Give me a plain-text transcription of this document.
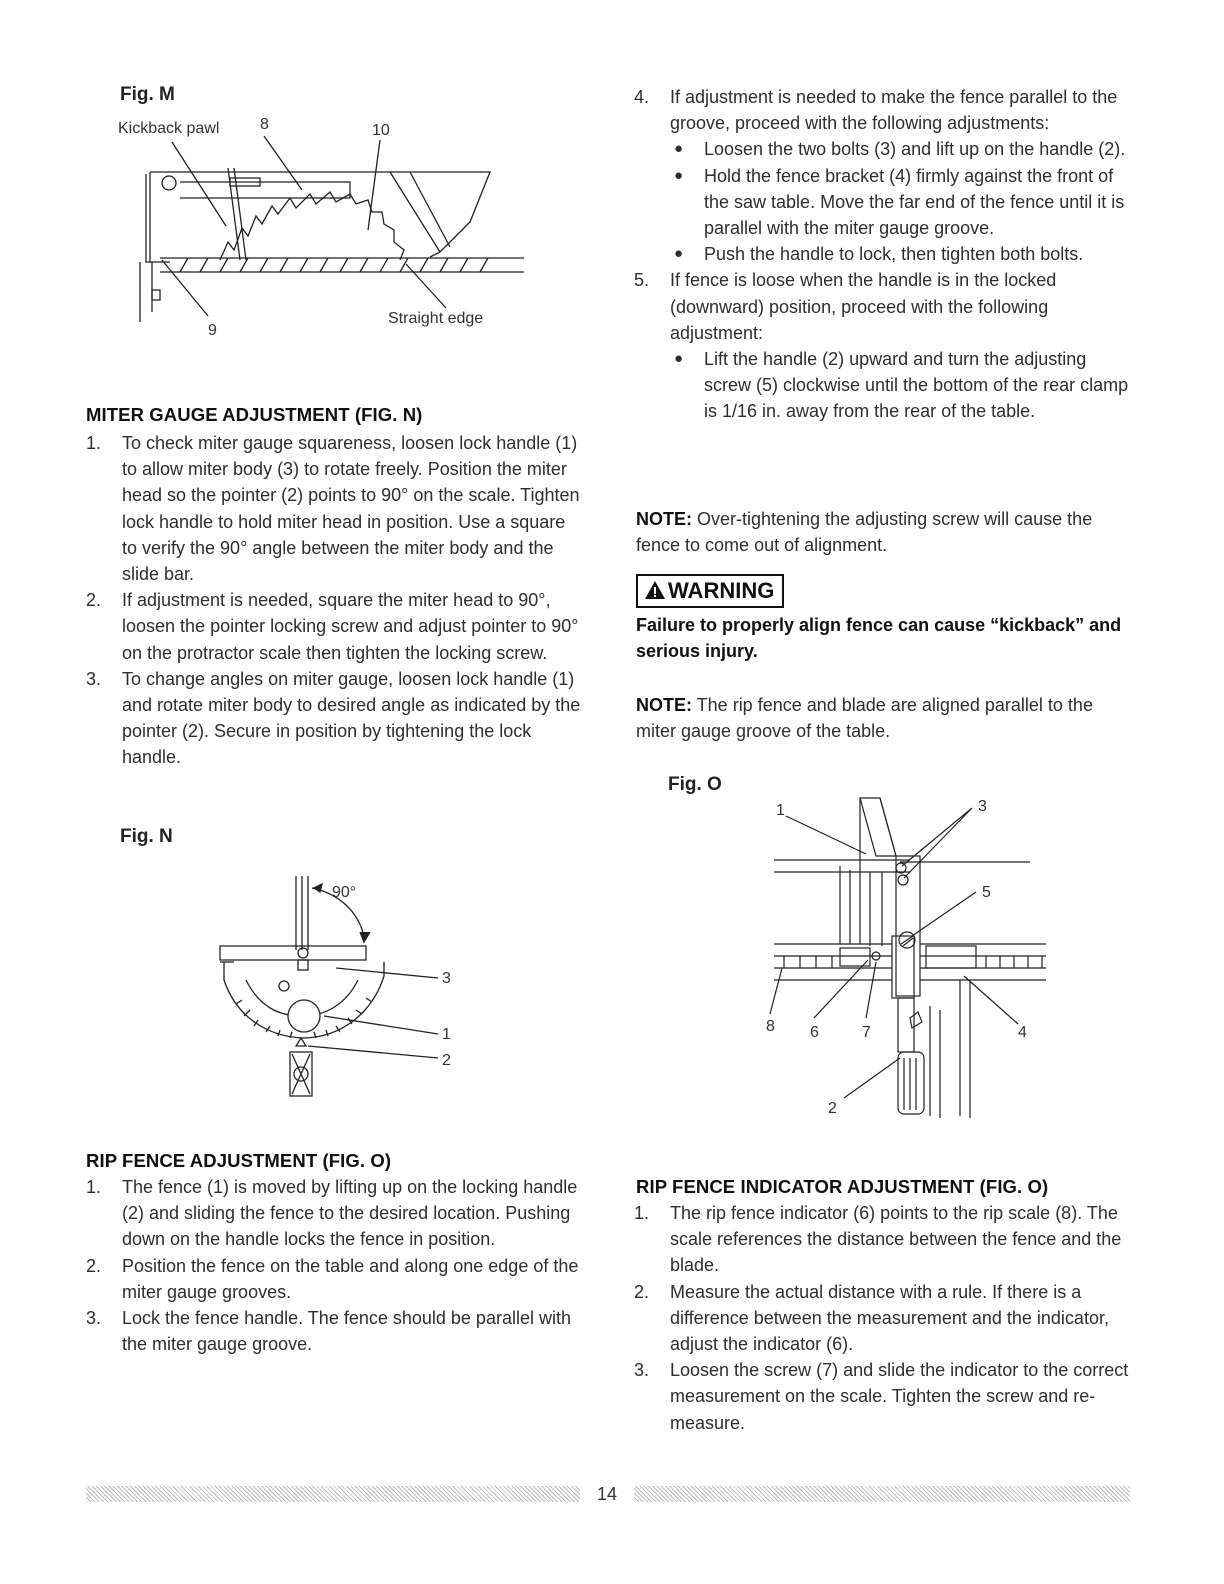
Fig. M
Kickback pawl	8	10
9
Straight edge
MITER GAUGE ADJUSTMENT (FIG. N)
1. To check miter gauge squareness, loosen lock handle (1) to allow miter body (3) to rotate freely. Position the miter head so the pointer (2) points to 90° on the scale. Tighten lock handle to hold miter head in position. Use a square to verify the 90° angle between the miter body and the slide bar.
2. If adjustment is needed, square the miter head to 90°, loosen the pointer locking screw and adjust pointer to 90° on the protractor scale then tighten the locking screw.
3. To change angles on miter gauge, loosen lock handle (1) and rotate miter body to desired angle as indicated by the pointer (2). Secure in position by tightening the lock handle.
Fig. N
90°
3
1
2
RIP FENCE ADJUSTMENT (FIG. O)
1. The fence (1) is moved by lifting up on the locking handle (2) and sliding the fence to the desired location. Pushing down on the handle locks the fence in position.
2. Position the fence on the table and along one edge of the miter gauge grooves.
3. Lock the fence handle. The fence should be parallel with the miter gauge groove.
4. If adjustment is needed to make the fence parallel to the groove, proceed with the following adjustments:
● Loosen the two bolts (3) and lift up on the handle (2).
● Hold the fence bracket (4) firmly against the front of the saw table. Move the far end of the fence until it is parallel with the miter gauge groove.
● Push the handle to lock, then tighten both bolts.
5. If fence is loose when the handle is in the locked (downward) position, proceed with the following adjustment:
● Lift the handle (2) upward and turn the adjusting screw (5) clockwise until the bottom of the rear clamp is 1/16 in. away from the rear of the table.
NOTE: Over-tightening the adjusting screw will cause the fence to come out of alignment.
WARNING
Failure to properly align fence can cause “kickback” and serious injury.
NOTE: The rip fence and blade are aligned parallel to the miter gauge groove of the table.
Fig. O
1	3
5
8 6	7	4
2
RIP FENCE INDICATOR ADJUSTMENT (FIG. O)
1. The rip fence indicator (6) points to the rip scale (8). The scale references the distance between the fence and the blade.
2. Measure the actual distance with a rule. If there is a difference between the measurement and the indicator, adjust the indicator (6).
3. Loosen the screw (7) and slide the indicator to the correct measurement on the scale. Tighten the screw and re-measure.
14
